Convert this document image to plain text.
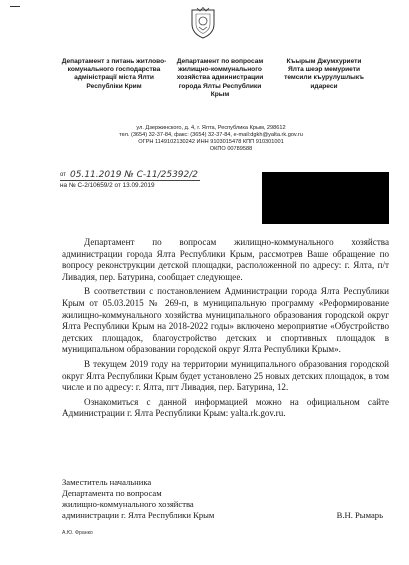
Департамент з питань житлово-комунального господарства адміністрації міста Ялти Республіки Крим
Департамент по вопросам жилищно-коммунального хозяйства администрации города Ялты Республики Крым
Къырым Джумхуриети Ялта шеэр мемуриети темсили къурулушлыкъ идареси
ул. Дзержинского, д. 4, г. Ялта, Республика Крым, 298612
тел. (3654) 32-37-84, факс: (3654) 32-37-84, e-mail:dgkh@yalta.rk.gov.ru
ОГРН 1149102130242 ИНН 9103015478 КПП 910301001
ОКПО 00789588
от 05.11.2019 № С-11/25392/2
на № С-2/10659/2 от 13.09.2019

Департамент по вопросам жилищно-коммунального хозяйства администрации города Ялта Республики Крым, рассмотрев Ваше обращение по вопросу реконструкции детской площадки, расположенной по адресу: г. Ялта, п/т Ливадия, пер. Батурина, сообщает следующее.

В соответствии с постановлением Администрации города Ялта Республики Крым от 05.03.2015 № 269-п, в муниципальную программу «Реформирование жилищно-коммунального хозяйства муниципального образования городской округ Ялта Республики Крым на 2018-2022 годы» включено мероприятие «Обустройство детских площадок, благоустройство детских и спортивных площадок в муниципальном образовании городской округ Ялта Республики Крым».

В текущем 2019 году на территории муниципального образования городской округ Ялта Республики Крым будет установлено 25 новых детских площадок, в том числе и по адресу: г. Ялта, пгт Ливадия, пер. Батурина, 12.

Ознакомиться с данной информацией можно на официальном сайте Администрации г. Ялта Республики Крым: yalta.rk.gov.ru.

Заместитель начальника
Департамента по вопросам
жилищно-коммунального хозяйства
администрации г. Ялта Республики Крым	В.Н. Рымарь
А.Ю. Франко
